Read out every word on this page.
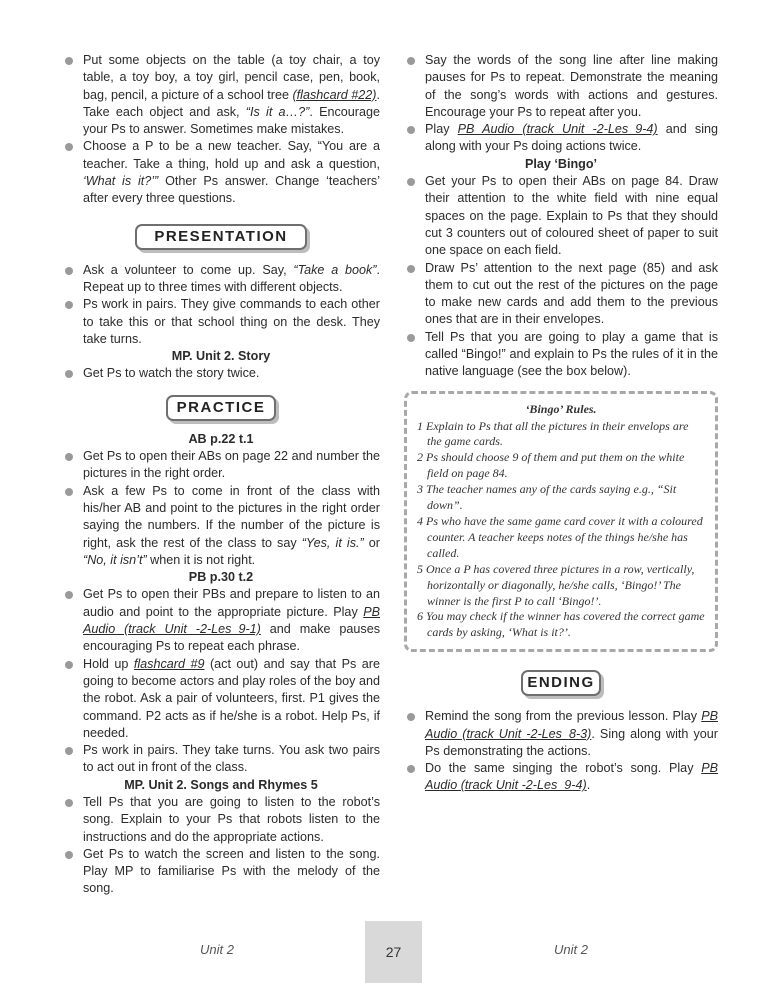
Put some objects on the table (a toy chair, a toy table, a toy boy, a toy girl, pencil case, pen, book, bag, pencil, a picture of a school tree (flashcard #22). Take each object and ask, “Is it a…?”. Encourage your Ps to answer. Sometimes make mistakes.
Choose a P to be a new teacher. Say, “You are a teacher. Take a thing, hold up and ask a question, ‘What is it?’” Other Ps answer. Change ‘teachers’ after every three questions.
PRESENTATION
Ask a volunteer to come up. Say, “Take a book”. Repeat up to three times with different objects.
Ps work in pairs. They give commands to each other to take this or that school thing on the desk. They take turns.
MP. Unit 2. Story
Get Ps to watch the story twice.
PRACTICE
AB p.22 t.1
Get Ps to open their ABs on page 22 and number the pictures in the right order.
Ask a few Ps to come in front of the class with his/her AB and point to the pictures in the right order saying the numbers. If the number of the picture is right, ask the rest of the class to say “Yes, it is.” or “No, it isn’t” when it is not right.
PB p.30 t.2
Get Ps to open their PBs and prepare to listen to an audio and point to the appropriate picture. Play PB Audio (track Unit -2-Les_9-1) and make pauses encouraging Ps to repeat each phrase.
Hold up flashcard #9 (act out) and say that Ps are going to become actors and play roles of the boy and the robot. Ask a pair of volunteers, first. P1 gives the command. P2 acts as if he/she is a robot. Help Ps, if needed.
Ps work in pairs. They take turns. You ask two pairs to act out in front of the class.
MP. Unit 2. Songs and Rhymes 5
Tell Ps that you are going to listen to the robot’s song. Explain to your Ps that robots listen to the instructions and do the appropriate actions.
Get Ps to watch the screen and listen to the song. Play MP to familiarise Ps with the melody of the song.
Say the words of the song line after line making pauses for Ps to repeat. Demonstrate the meaning of the song’s words with actions and gestures. Encourage your Ps to repeat after you.
Play PB Audio (track Unit -2-Les_9-4) and sing along with your Ps doing actions twice.
Play ‘Bingo’
Get your Ps to open their ABs on page 84. Draw their attention to the white field with nine equal spaces on the page. Explain to Ps that they should cut 3 counters out of coloured sheet of paper to suit one space on each field.
Draw Ps’ attention to the next page (85) and ask them to cut out the rest of the pictures on the page to make new cards and add them to the previous ones that are in their envelopes.
Tell Ps that you are going to play a game that is called “Bingo!” and explain to Ps the rules of it in the native language (see the box below).
‘Bingo’ Rules.
1 Explain to Ps that all the pictures in their envelops are the game cards.
2 Ps should choose 9 of them and put them on the white field on page 84.
3 The teacher names any of the cards saying e.g., “Sit down”.
4 Ps who have the same game card cover it with a coloured counter. A teacher keeps notes of the things he/she has called.
5 Once a P has covered three pictures in a row, vertically, horizontally or diagonally, he/she calls, ‘Bingo!’ The winner is the first P to call ‘Bingo!’.
6 You may check if the winner has covered the correct game cards by asking, ‘What is it?’.
ENDING
Remind the song from the previous lesson. Play PB Audio (track Unit -2-Les_8-3). Sing along with your Ps demonstrating the actions.
Do the same singing the robot’s song. Play PB Audio (track Unit -2-Les_9-4).
Unit 2	27	Unit 2
